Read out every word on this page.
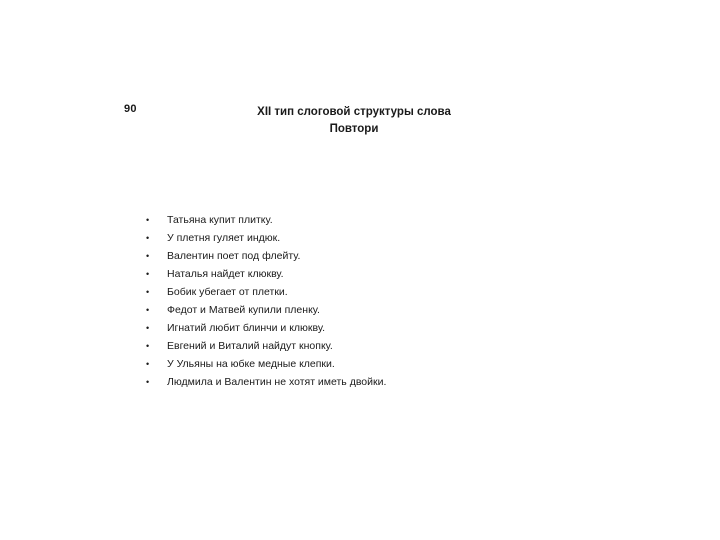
90	XII тип слоговой структуры слова
Повтори
•	Татьяна купит плитку.
•	У плетня гуляет индюк.
•	Валентин поет под флейту.
•	Наталья найдет клюкву.
•	Бобик убегает от плетки.
•	Федот и Матвей купили пленку.
•	Игнатий любит блинчи и клюкву.
•	Евгений и Виталий найдут кнопку.
•	У Ульяны на юбке медные клепки.
•	Людмила и Валентин не хотят иметь двойки.
